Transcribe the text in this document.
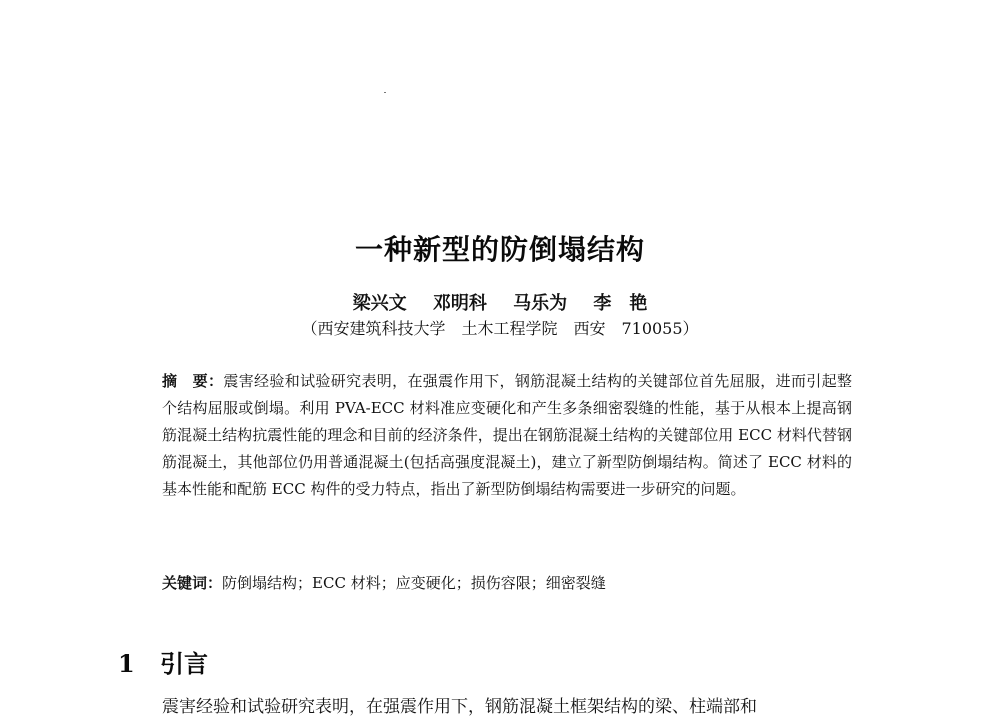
一种新型的防倒塌结构
梁兴文 邓明科 马乐为 李　艳
（西安建筑科技大学　土木工程学院　西安　710055）
摘　要：震害经验和试验研究表明，在强震作用下，钢筋混凝土结构的关键部位首先屈服，进而引起整个结构屈服或倒塌。利用 PVA-ECC 材料准应变硬化和产生多条细密裂缝的性能，基于从根本上提高钢筋混凝土结构抗震性能的理念和目前的经济条件，提出在钢筋混凝土结构的关键部位用 ECC 材料代替钢筋混凝土，其他部位仍用普通混凝土(包括高强度混凝土)，建立了新型防倒塌结构。简述了 ECC 材料的基本性能和配筋 ECC 构件的受力特点，指出了新型防倒塌结构需要进一步研究的问题。
关键词：防倒塌结构；ECC 材料；应变硬化；损伤容限；细密裂缝
1 引言
震害经验和试验研究表明，在强震作用下，钢筋混凝土框架结构的梁、柱端部和
